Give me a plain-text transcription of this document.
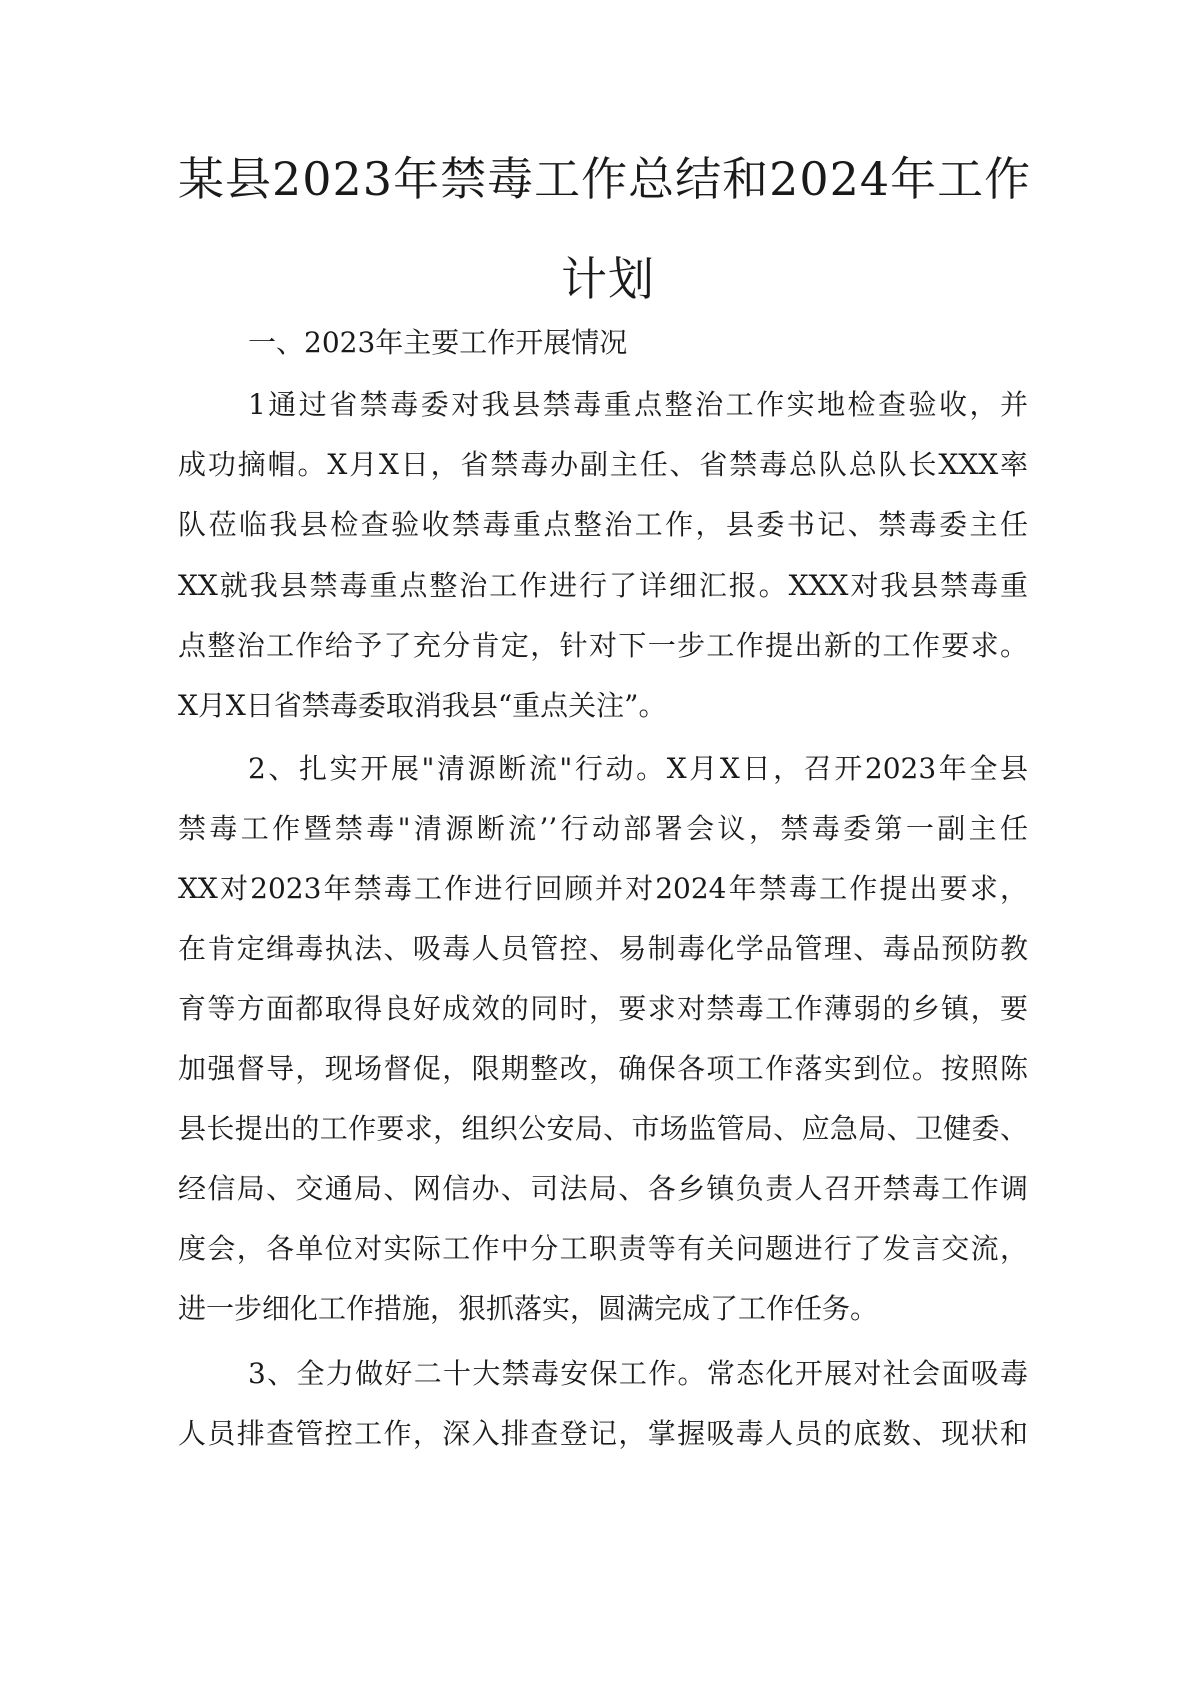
某县2023年禁毒工作总结和2024年工作
计划

一、2023年主要工作开展情况

1通过省禁毒委对我县禁毒重点整治工作实地检查验收，并

成功摘帽。X月X日，省禁毒办副主任、省禁毒总队总队长XXX率

队莅临我县检查验收禁毒重点整治工作，县委书记、禁毒委主任

XX就我县禁毒重点整治工作进行了详细汇报。XXX对我县禁毒重

点整治工作给予了充分肯定，针对下一步工作提出新的工作要求。

X月X日省禁毒委取消我县“重点关注”。

2、扎实开展"清源断流"行动。X月X日，召开2023年全县

禁毒工作暨禁毒"清源断流’’行动部署会议，禁毒委第一副主任

XX对2023年禁毒工作进行回顾并对2024年禁毒工作提出要求，

在肯定缉毒执法、吸毒人员管控、易制毒化学品管理、毒品预防教

育等方面都取得良好成效的同时，要求对禁毒工作薄弱的乡镇，要

加强督导，现场督促，限期整改，确保各项工作落实到位。按照陈

县长提出的工作要求，组织公安局、市场监管局、应急局、卫健委、

经信局、交通局、网信办、司法局、各乡镇负责人召开禁毒工作调

度会，各单位对实际工作中分工职责等有关问题进行了发言交流，

进一步细化工作措施，狠抓落实，圆满完成了工作任务。

3、全力做好二十大禁毒安保工作。常态化开展对社会面吸毒

人员排查管控工作，深入排查登记，掌握吸毒人员的底数、现状和
